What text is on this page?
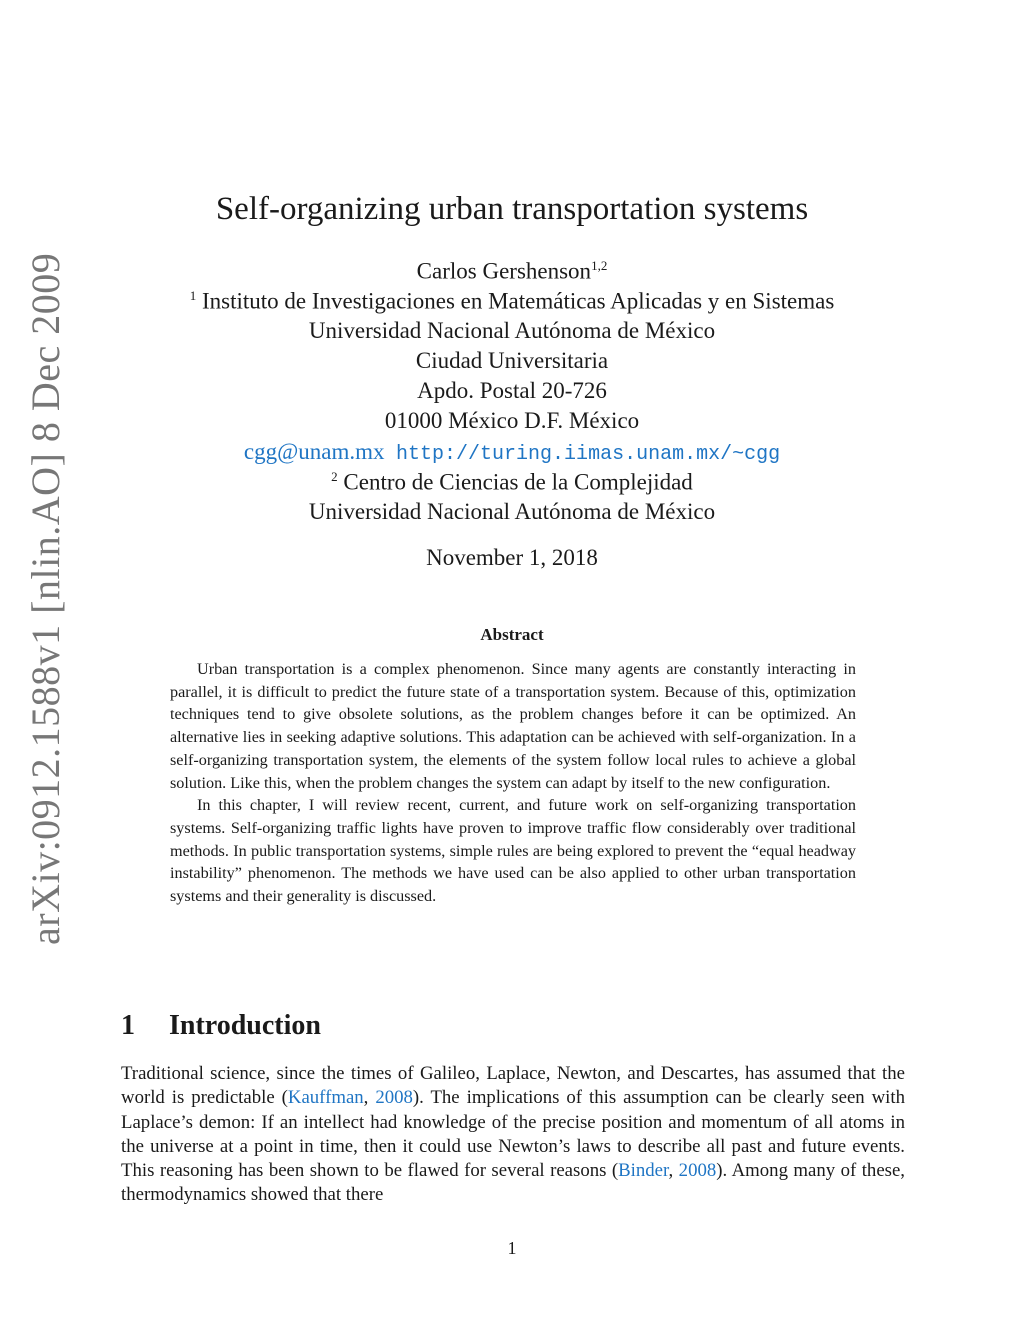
arXiv:0912.1588v1 [nlin.AO] 8 Dec 2009
Self-organizing urban transportation systems
Carlos Gershenson$^{1,2}$
$^1$ Instituto de Investigaciones en Matemáticas Aplicadas y en Sistemas
Universidad Nacional Autónoma de México
Ciudad Universitaria
Apdo. Postal 20-726
01000 México D.F. México
cgg@unam.mx http://turing.iimas.unam.mx/~cgg
$^2$ Centro de Ciencias de la Complejidad
Universidad Nacional Autónoma de México
November 1, 2018
Abstract

Urban transportation is a complex phenomenon. Since many agents are constantly interacting in parallel, it is difficult to predict the future state of a transportation system. Because of this, optimization techniques tend to give obsolete solutions, as the problem changes before it can be optimized. An alternative lies in seeking adaptive solutions. This adaptation can be achieved with self-organization. In a self-organizing transportation system, the elements of the system follow local rules to achieve a global solution. Like this, when the problem changes the system can adapt by itself to the new configuration.

In this chapter, I will review recent, current, and future work on self-organizing transportation systems. Self-organizing traffic lights have proven to improve traffic flow considerably over traditional methods. In public transportation systems, simple rules are being explored to prevent the “equal headway instability” phenomenon. The methods we have used can be also applied to other urban transportation systems and their generality is discussed.

1 Introduction

Traditional science, since the times of Galileo, Laplace, Newton, and Descartes, has assumed that the world is predictable (Kauffman, 2008). The implications of this assumption can be clearly seen with Laplace’s demon: If an intellect had knowledge of the precise position and momentum of all atoms in the universe at a point in time, then it could use Newton’s laws to describe all past and future events. This reasoning has been shown to be flawed for several reasons (Binder, 2008). Among many of these, thermodynamics showed that there

1
